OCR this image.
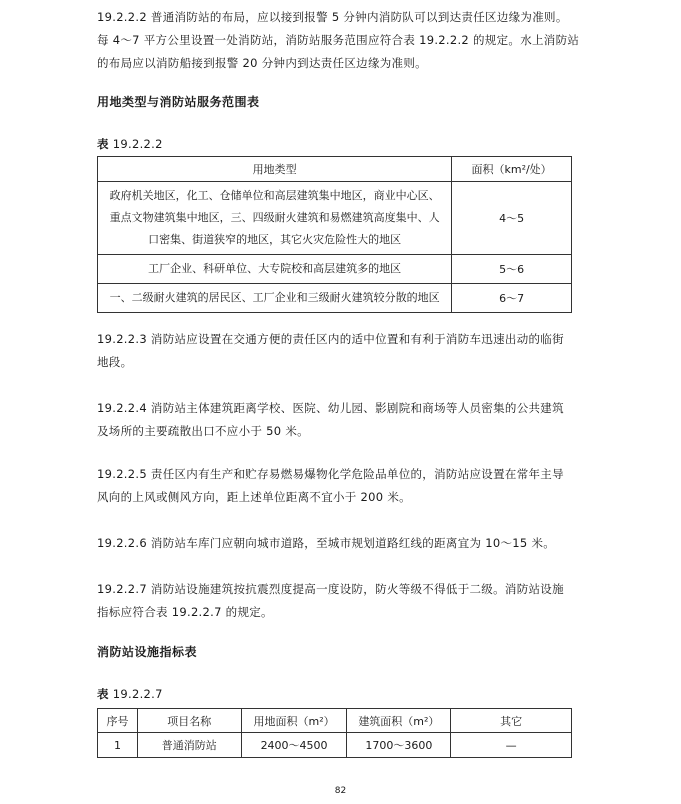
19.2.2.2 普通消防站的布局，应以接到报警 5 分钟内消防队可以到达责任区边缘为准则。
每 4～7 平方公里设置一处消防站，消防站服务范围应符合表 19.2.2.2 的规定。水上消防站
的布局应以消防船接到报警 20 分钟内到达责任区边缘为准则。
用地类型与消防站服务范围表
表 19.2.2.2
用地类型	面积（km²/处）

政府机关地区，化工、仓储单位和高层建筑集中地区，商业中心区、
重点文物建筑集中地区，三、四级耐火建筑和易燃建筑高度集中、人
口密集、街道狭窄的地区，其它火灾危险性大的地区	4～5

工厂企业、科研单位、大专院校和高层建筑多的地区	5～6

一、二级耐火建筑的居民区、工厂企业和三级耐火建筑较分散的地区	6～7
19.2.2.3 消防站应设置在交通方便的责任区内的适中位置和有利于消防车迅速出动的临街
地段。
19.2.2.4 消防站主体建筑距离学校、医院、幼儿园、影剧院和商场等人员密集的公共建筑
及场所的主要疏散出口不应小于 50 米。
19.2.2.5 责任区内有生产和贮存易燃易爆物化学危险品单位的，消防站应设置在常年主导
风向的上风或侧风方向，距上述单位距离不宜小于 200 米。
19.2.2.6 消防站车库门应朝向城市道路，至城市规划道路红线的距离宜为 10～15 米。
19.2.2.7 消防站设施建筑按抗震烈度提高一度设防，防火等级不得低于二级。消防站设施
指标应符合表 19.2.2.7 的规定。
消防站设施指标表
表 19.2.2.7
序号	项目名称	用地面积（m²）	建筑面积（m²）	其它
1	普通消防站	2400～4500	1700～3600	—
82
